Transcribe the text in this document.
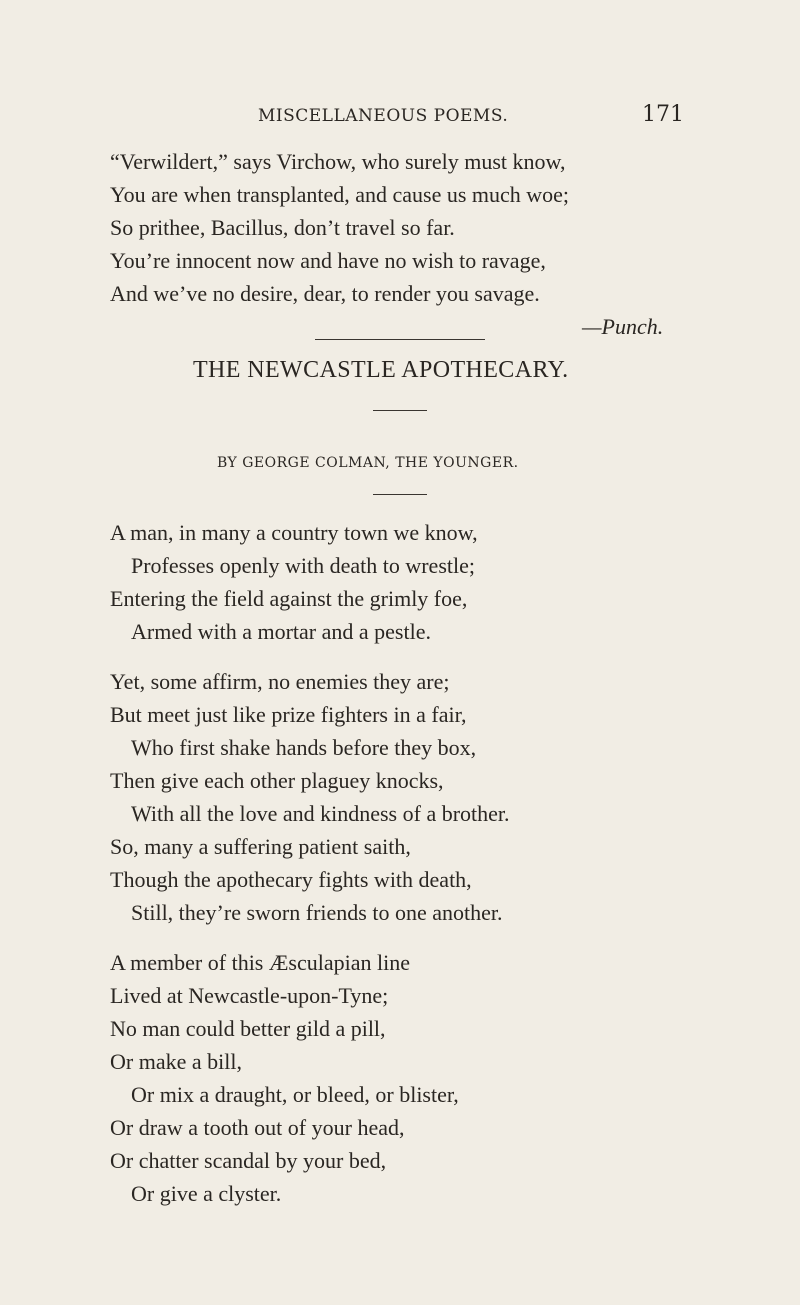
MISCELLANEOUS POEMS.	171
“Verwildert,” says Virchow, who surely must know,
You are when transplanted, and cause us much woe;
So prithee, Bacillus, don’t travel so far.
You’re innocent now and have no wish to ravage,
And we’ve no desire, dear, to render you savage.
—Punch.
THE NEWCASTLE APOTHECARY.
BY GEORGE COLMAN, THE YOUNGER.
A man, in many a country town we know,
Professes openly with death to wrestle;
Entering the field against the grimly foe,
Armed with a mortar and a pestle.
Yet, some affirm, no enemies they are;
But meet just like prize fighters in a fair,
Who first shake hands before they box,
Then give each other plaguey knocks,
With all the love and kindness of a brother.
So, many a suffering patient saith,
Though the apothecary fights with death,
Still, they’re sworn friends to one another.
A member of this Æsculapian line
Lived at Newcastle-upon-Tyne;
No man could better gild a pill,
Or make a bill,
Or mix a draught, or bleed, or blister,
Or draw a tooth out of your head,
Or chatter scandal by your bed,
Or give a clyster.
